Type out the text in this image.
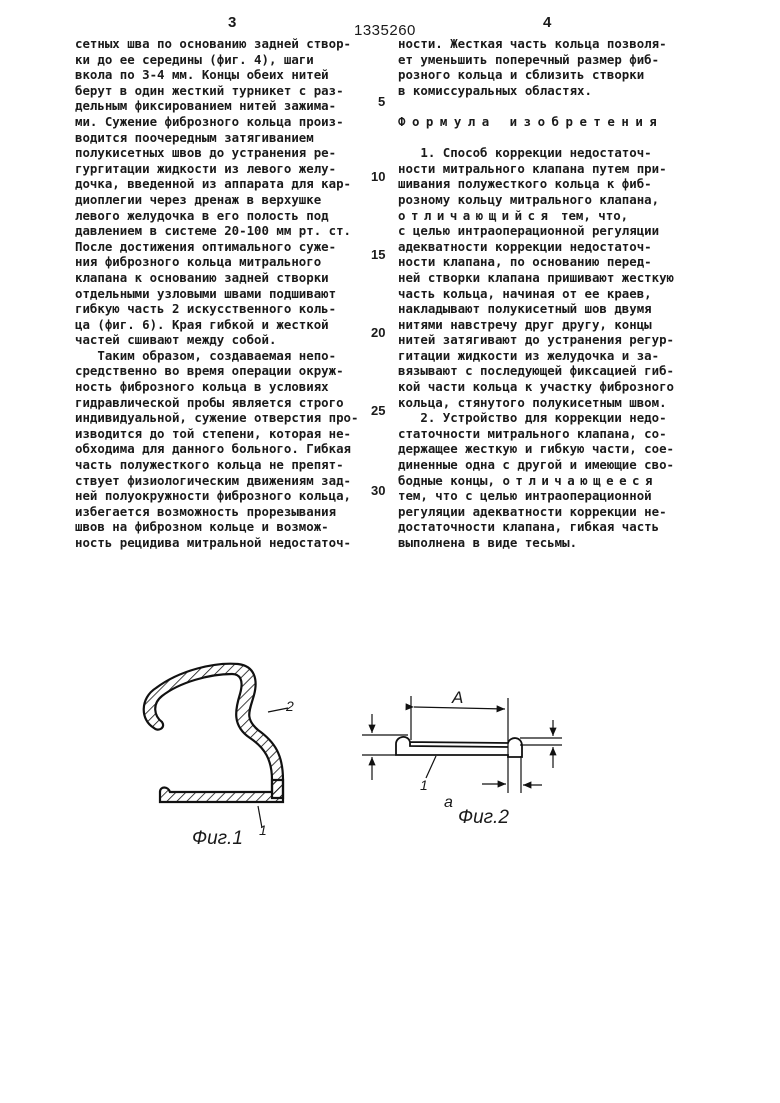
3	1335260	4
сетных шва по основанию задней створ-
ки до ее середины (фиг. 4), шаги
вкола по 3-4 мм. Концы обеих нитей
берут в один жесткий турникет с раз-
дельным фиксированием нитей зажима-
ми. Сужение фиброзного кольца произ-
водится поочередным затягиванием
полукисетных швов до устранения ре-
гургитации жидкости из левого желу-
дочка, введенной из аппарата для кар-
диоплегии через дренаж в верхушке
левого желудочка в его полость под
давлением в системе 20-100 мм рт. ст.
После достижения оптимального суже-
ния фиброзного кольца митрального
клапана к основанию задней створки
отдельными узловыми швами подшивают
гибкую часть 2 искусственного коль-
ца (фиг. 6). Края гибкой и жесткой
частей сшивают между собой.
Таким образом, создаваемая непо-
средственно во время операции окруж-
ность фиброзного кольца в условиях
гидравлической пробы является строго
индивидуальной, сужение отверстия про-
изводится до той степени, которая не-
обходима для данного больного. Гибкая
часть полужесткого кольца не препят-
ствует физиологическим движениям зад-
ней полуокружности фиброзного кольца,
избегается возможность прорезывания
швов на фиброзном кольце и возмож-
ность рецидива митральной недостаточ-
5
10
15
20
25
30
ности. Жесткая часть кольца позволя-
ет уменьшить поперечный размер фиб-
розного кольца и сблизить створки
в комиссуральных областях.
Формула изобретения
1. Способ коррекции недостаточ-
ности митрального клапана путем при-
шивания полужесткого кольца к фиб-
розному кольцу митрального клапана,
отличающийся тем, что,
с целью интраоперационной регуляции
адекватности коррекции недостаточ-
ности клапана, по основанию перед-
ней створки клапана пришивают жесткую
часть кольца, начиная от ее краев,
накладывают полукисетный шов двумя
нитями навстречу друг другу, концы
нитей затягивают до устранения регур-
гитации жидкости из желудочка и за-
вязывают с последующей фиксацией гиб-
кой части кольца к участку фиброзного
кольца, стянутого полукисетным швом.
2. Устройство для коррекции недо-
статочности митрального клапана, со-
держащее жесткую и гибкую части, сое-
диненные одна с другой и имеющие сво-
бодные концы, отличающееся
тем, что с целью интраоперационной
регуляции адекватности коррекции не-
достаточности клапана, гибкая часть
выполнена в виде тесьмы.
2
1
Фиг.1
A
1
a
Фиг.2
